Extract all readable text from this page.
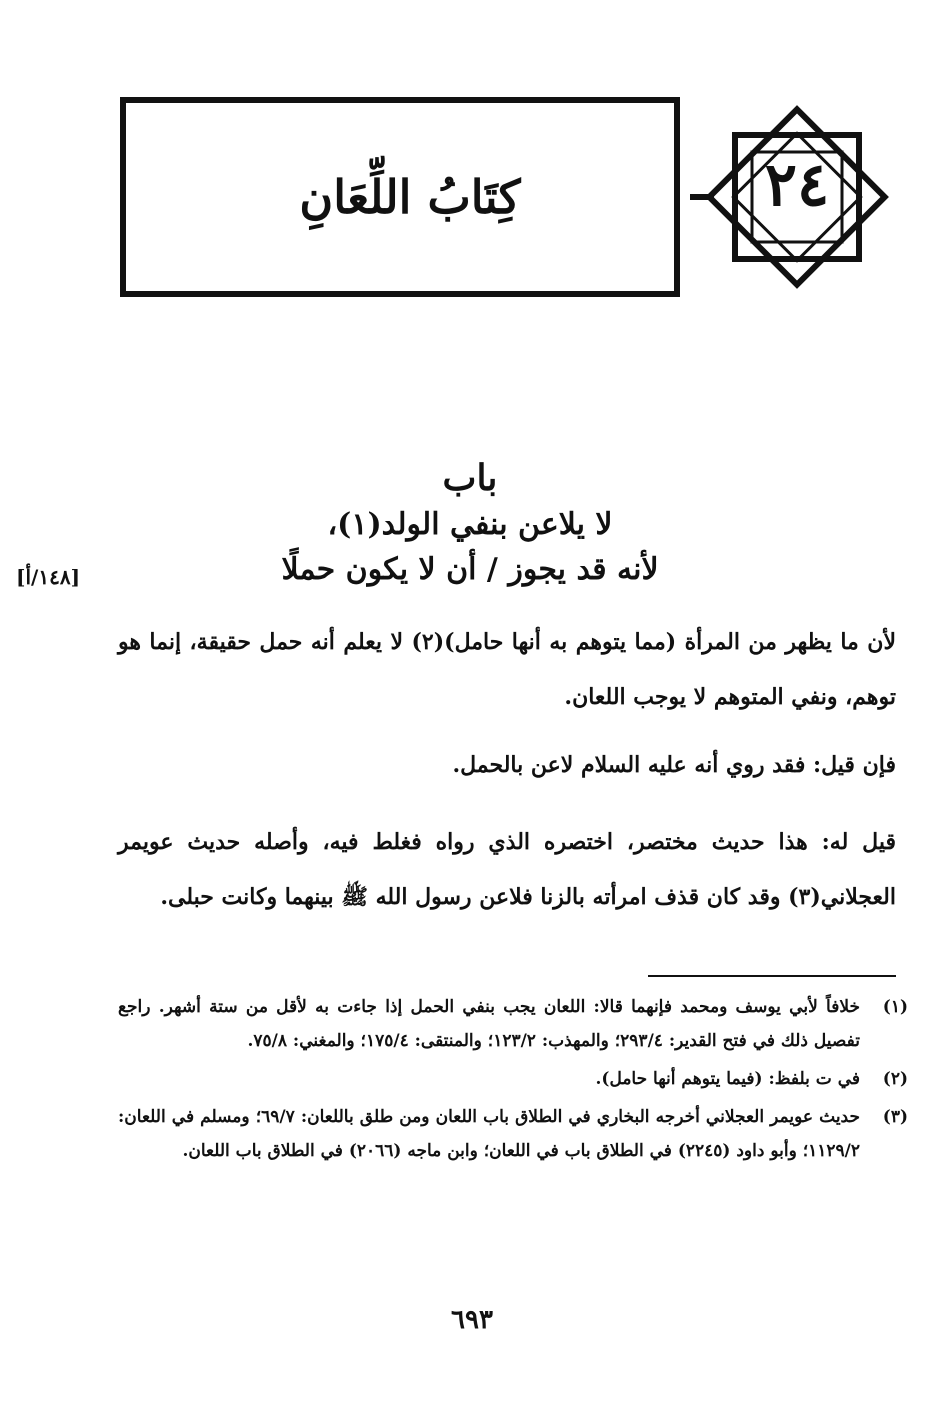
كِتَابُ اللِّعَانِ	٢٤
باب
لا يلاعن بنفي الولد(١)،
لأنه قد يجوز / أن لا يكون حملًا
[١٤٨/أ]
لأن ما يظهر من المرأة (مما يتوهم به أنها حامل)(٢) لا يعلم أنه حمل حقيقة، إنما هو توهم، ونفي المتوهم لا يوجب اللعان.
فإن قيل: فقد روي أنه عليه السلام لاعن بالحمل.
قيل له: هذا حديث مختصر، اختصره الذي رواه فغلط فيه، وأصله حديث عويمر العجلاني(٣) وقد كان قذف امرأته بالزنا فلاعن رسول الله ﷺ بينهما وكانت حبلى.
(١)
خلافاً لأبي يوسف ومحمد فإنهما قالا: اللعان يجب بنفي الحمل إذا جاءت به لأقل من ستة أشهر. راجع تفصيل ذلك في فتح القدير: ٢٩٣/٤؛ والمهذب: ١٢٣/٢؛ والمنتقى: ١٧٥/٤؛ والمغني: ٧٥/٨.
(٢)
في ت بلفظ: (فيما يتوهم أنها حامل).
(٣)
حديث عويمر العجلاني أخرجه البخاري في الطلاق باب اللعان ومن طلق باللعان: ٦٩/٧؛ ومسلم في اللعان: ١١٢٩/٢؛ وأبو داود (٢٢٤٥) في الطلاق باب في اللعان؛ وابن ماجه (٢٠٦٦) في الطلاق باب اللعان.
٦٩٣
